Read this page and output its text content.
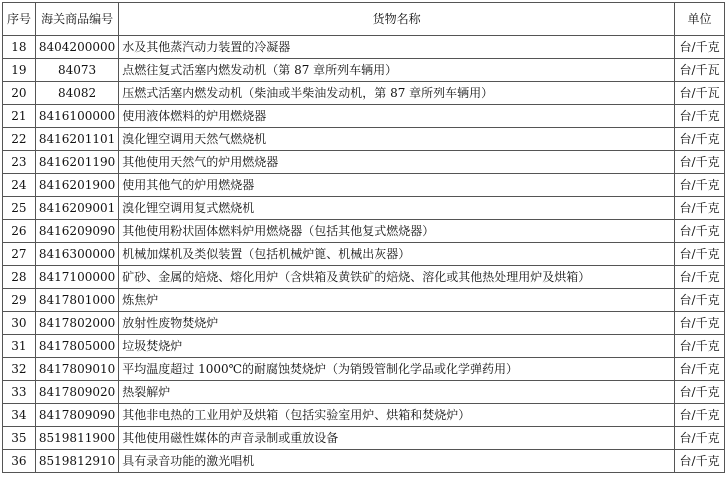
序号	海关商品编号	货物名称	单位
18	8404200000	水及其他蒸汽动力装置的冷凝器	台/千克
19	84073	点燃往复式活塞内燃发动机（第 87 章所列车辆用）	台/千瓦
20	84082	压燃式活塞内燃发动机（柴油或半柴油发动机，第 87 章所列车辆用）	台/千瓦
21	8416100000	使用液体燃料的炉用燃烧器	台/千克
22	8416201101	溴化锂空调用天然气燃烧机	台/千克
23	8416201190	其他使用天然气的炉用燃烧器	台/千克
24	8416201900	使用其他气的炉用燃烧器	台/千克
25	8416209001	溴化锂空调用复式燃烧机	台/千克
26	8416209090	其他使用粉状固体燃料炉用燃烧器（包括其他复式燃烧器）	台/千克
27	8416300000	机械加煤机及类似装置（包括机械炉篦、机械出灰器）	台/千克
28	8417100000	矿砂、金属的焙烧、熔化用炉（含烘箱及黄铁矿的焙烧、溶化或其他热处理用炉及烘箱）	台/千克
29	8417801000	炼焦炉	台/千克
30	8417802000	放射性废物焚烧炉	台/千克
31	8417805000	垃圾焚烧炉	台/千克
32	8417809010	平均温度超过 1000℃的耐腐蚀焚烧炉（为销毁管制化学品或化学弹药用）	台/千克
33	8417809020	热裂解炉	台/千克
34	8417809090	其他非电热的工业用炉及烘箱（包括实验室用炉、烘箱和焚烧炉）	台/千克
35	8519811900	其他使用磁性媒体的声音录制或重放设备	台/千克
36	8519812910	具有录音功能的激光唱机	台/千克
